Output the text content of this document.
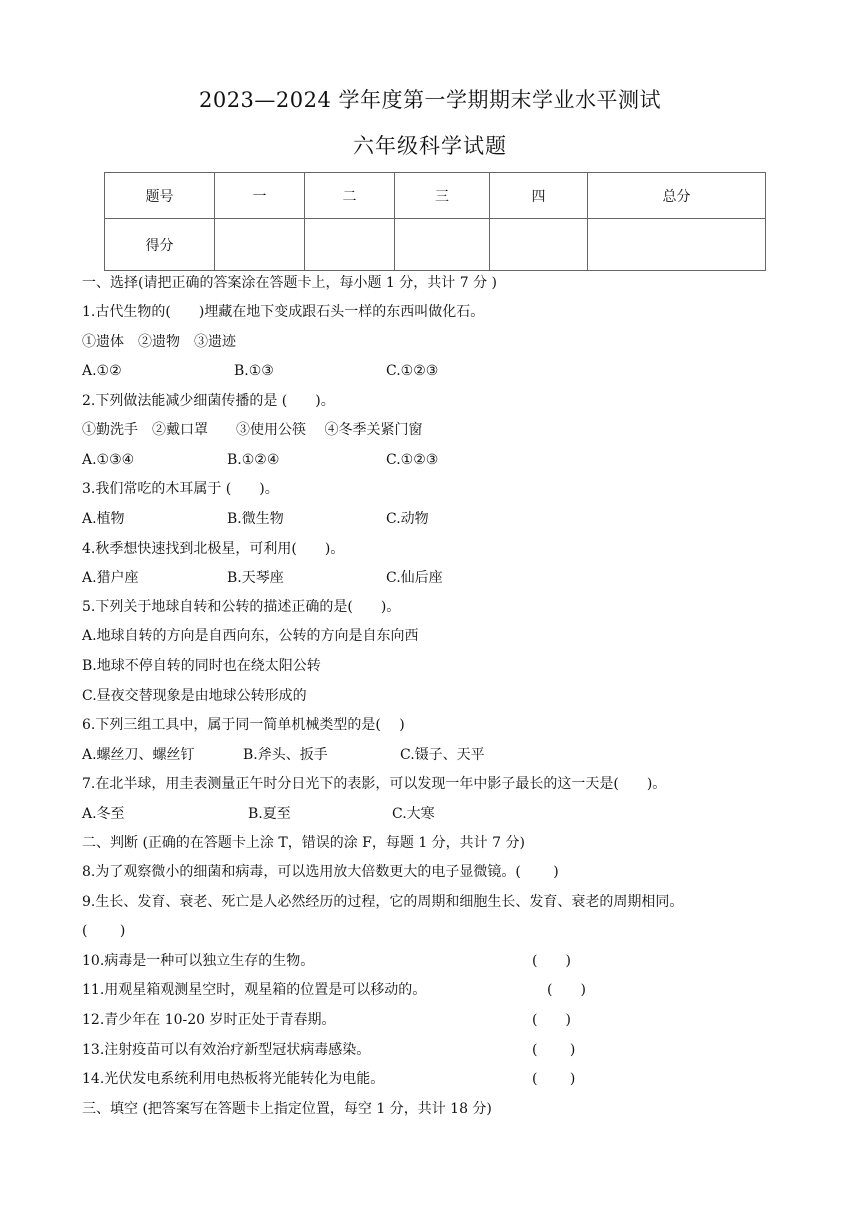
2023—2024 学年度第一学期期末学业水平测试
六年级科学试题
题号	一	二	三	四	总分
得分					
一、选择(请把正确的答案涂在答题卡上，每小题 1 分，共计 7 分 )
1.古代生物的(　　)埋藏在地下变成跟石头一样的东西叫做化石。
①遗体　②遗物　③遗迹
A.①②	B.①③	C.①②③
2.下列做法能减少细菌传播的是 (　　)。
①勤洗手　②戴口罩　　③使用公筷　 ④冬季关紧门窗
A.①③④	B.①②④	C.①②③
3.我们常吃的木耳属于 (　　)。
A.植物	B.微生物	C.动物
4.秋季想快速找到北极星，可利用(　　)。
A.猎户座	B.天琴座	C.仙后座
5.下列关于地球自转和公转的描述正确的是(　　)。
A.地球自转的方向是自西向东，公转的方向是自东向西
B.地球不停自转的同时也在绕太阳公转
C.昼夜交替现象是由地球公转形成的
6.下列三组工具中，属于同一简单机械类型的是(　 )
A.螺丝刀、螺丝钉	B.斧头、扳手	C.镊子、天平
7.在北半球，用圭表测量正午时分日光下的表影，可以发现一年中影子最长的这一天是(　　)。
A.冬至	B.夏至	C.大寒
二、判断 (正确的在答题卡上涂 T，错误的涂 F，每题 1 分，共计 7 分)
8.为了观察微小的细菌和病毒，可以选用放大倍数更大的电子显微镜。(　　 )
9.生长、发育、衰老、死亡是人必然经历的过程，它的周期和细胞生长、发育、衰老的周期相同。
(　　 )
10.病毒是一种可以独立生存的生物。	(　　)
11.用观星箱观测星空时，观星箱的位置是可以移动的。	(　　)
12.青少年在 10-20 岁时正处于青春期。	(　　)
13.注射疫苗可以有效治疗新型冠状病毒感染。	(　　 )
14.光伏发电系统利用电热板将光能转化为电能。	(　　 )
三、填空 (把答案写在答题卡上指定位置，每空 1 分，共计 18 分)
